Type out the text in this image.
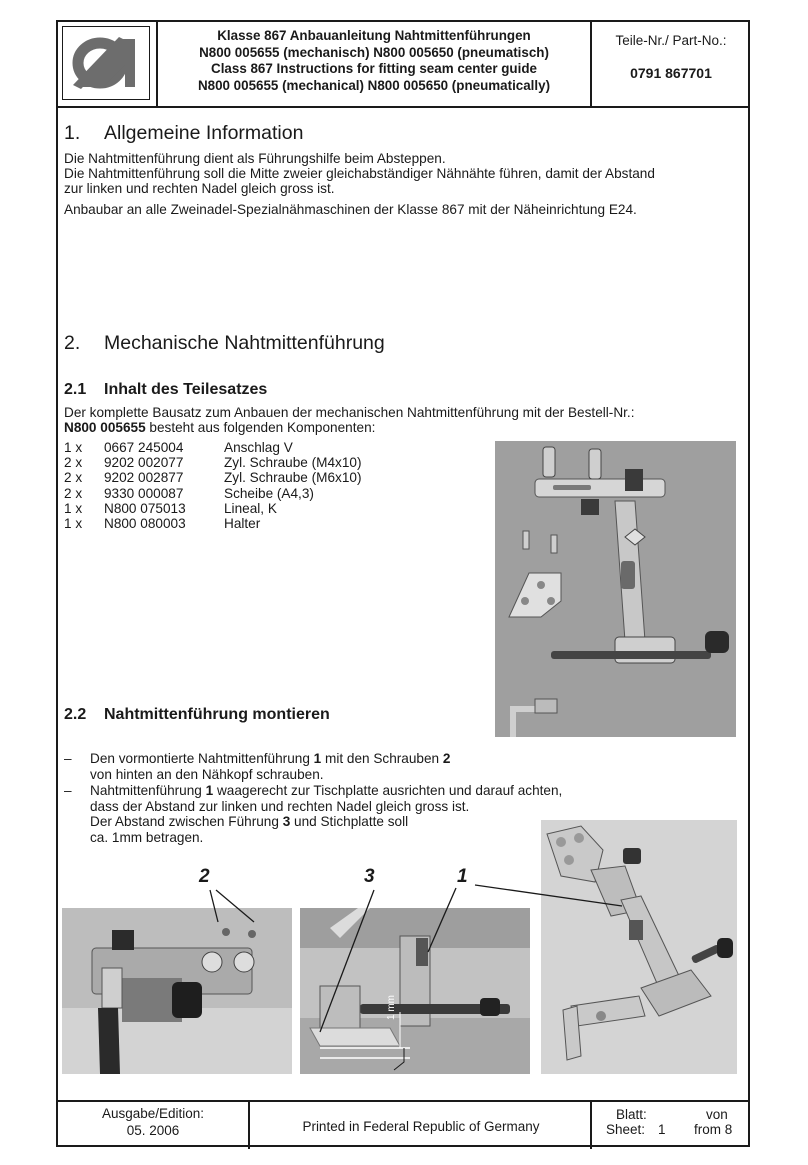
Klasse 867 Anbauanleitung Nahtmittenführungen
N800 005655 (mechanisch) N800 005650 (pneumatisch)
Class 867 Instructions for fitting seam center guide
N800 005655 (mechanical) N800 005650 (pneumatically)
Teile-Nr./ Part-No.:
0791 867701
1. Allgemeine Information
Die Nahtmittenführung dient als Führungshilfe beim Absteppen.
Die Nahtmittenführung soll die Mitte zweier gleichabständiger Nähnähte führen, damit der Abstand
zur linken und rechten Nadel gleich gross ist.
Anbaubar an alle Zweinadel-Spezialnähmaschinen der Klasse 867 mit der Näheinrichtung E24.
2. Mechanische Nahtmittenführung
2.1 Inhalt des Teilesatzes
Der komplette Bausatz zum Anbauen der mechanischen Nahtmittenführung mit der Bestell-Nr.:
N800 005655 besteht aus folgenden Komponenten:
1 x 0667 245004	Anschlag V
2 x 9202 002077	Zyl. Schraube (M4x10)
2 x 9202 002877	Zyl. Schraube (M6x10)
2 x 9330 000087	Scheibe (A4,3)
1 x N800 075013	Lineal, K
1 x N800 080003	Halter
2.2 Nahtmittenführung montieren
– Den vormontierte Nahtmittenführung 1 mit den Schrauben 2
von hinten an den Nähkopf schrauben.
– Nahtmittenführung 1 waagerecht zur Tischplatte ausrichten und darauf achten,
dass der Abstand zur linken und rechten Nadel gleich gross ist.
Der Abstand zwischen Führung 3 und Stichplatte soll
ca. 1mm betragen.
2	3	1
1 mm
Ausgabe/Edition:
05. 2006	Printed in Federal Republic of Germany
Blatt:	von
Sheet: 1 from 8
